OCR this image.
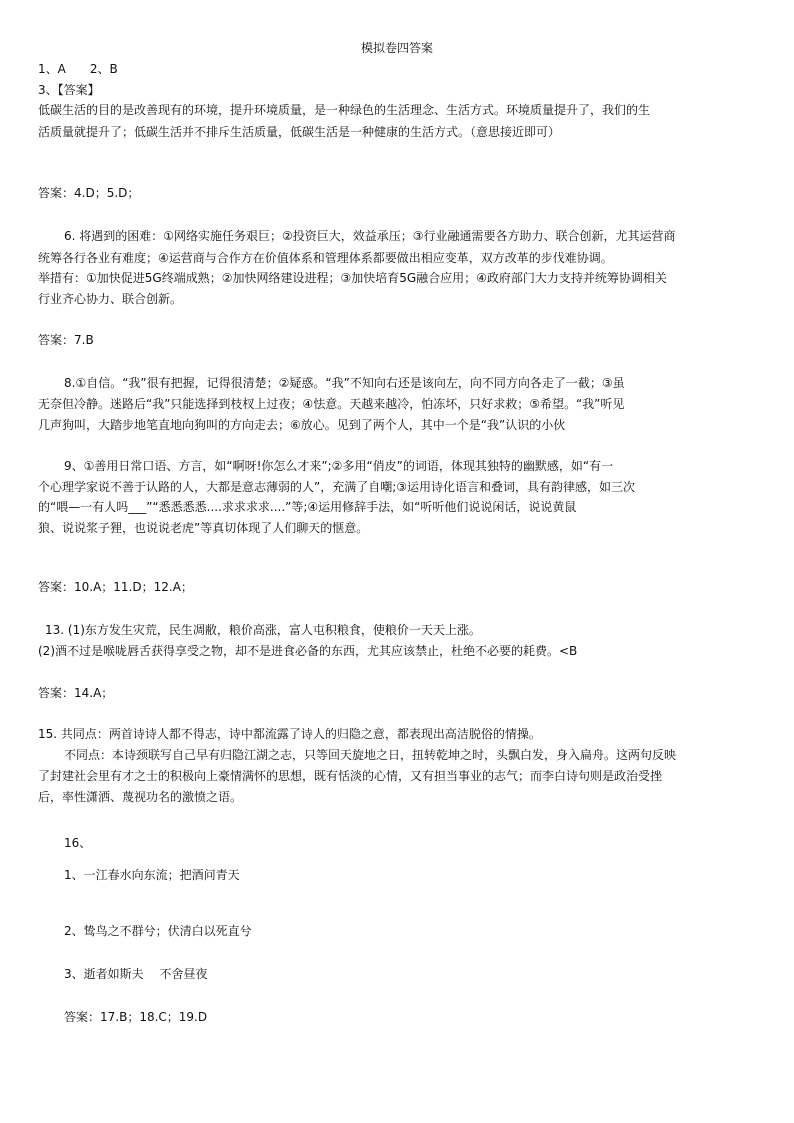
模拟卷四答案
1、A　　2、B
3、【答案】
低碳生活的目的是改善现有的环境，提升环境质量，是一种绿色的生活理念、生活方式。环境质量提升了，我们的生
活质量就提升了；低碳生活并不排斥生活质量，低碳生活是一种健康的生活方式。（意思接近即可）
答案：4.D；5.D；
6. 将遇到的困难：①网络实施任务艰巨；②投资巨大，效益承压；③行业融通需要各方助力、联合创新，尤其运营商
统筹各行各业有难度；④运营商与合作方在价值体系和管理体系都要做出相应变革，双方改革的步伐难协调。
举措有：①加快促进5G终端成熟；②加快网络建设进程；③加快培育5G融合应用；④政府部门大力支持并统筹协调相关
行业齐心协力、联合创新。
答案：7.B
8.①自信。“我”很有把握，记得很清楚；②疑惑。“我”不知向右还是该向左，向不同方向各走了一截；③虽
无奈但冷静。迷路后“我”只能选择到枝杈上过夜；④怯意。天越来越冷，怕冻坏，只好求救；⑤希望。“我”听见
几声狗叫，大踏步地笔直地向狗叫的方向走去；⑥放心。见到了两个人，其中一个是“我”认识的小伙
9、①善用日常口语、方言，如“啊呀!你怎么才来”;②多用“俏皮”的词语，体现其独特的幽默感，如“有一
个心理学家说不善于认路的人，大都是意志薄弱的人”，充满了自嘲;③运用诗化语言和叠词，具有韵律感，如三次
的“喂—一有人吗___”“悉悉悉悉....求求求求....”等;④运用修辞手法，如“听听他们说说闲话，说说黄鼠
狼、说说浆子狸，也说说老虎”等真切体现了人们聊天的惬意。
答案：10.A；11.D；12.A；
13. (1)东方发生灾荒，民生凋敝，粮价高涨，富人屯积粮食，使粮价一天天上涨。
(2)酒不过是喉咙唇舌获得享受之物，却不是进食必备的东西，尤其应该禁止，杜绝不必要的耗费。<B
答案：14.A；
15. 共同点：两首诗诗人都不得志，诗中都流露了诗人的归隐之意，都表现出高洁脱俗的情操。
不同点：本诗颈联写自己早有归隐江湖之志，只等回天旋地之日，扭转乾坤之时，头飘白发，身入扁舟。这两句反映
了封建社会里有才之士的积极向上豪情满怀的思想，既有恬淡的心情，又有担当事业的志气；而李白诗句则是政治受挫
后，率性潇洒、蔑视功名的激愤之语。
16、
1、一江春水向东流；把酒问青天
2、鸷鸟之不群兮；伏清白以死直兮
3、逝者如斯夫　 不舍昼夜
答案：17.B；18.C；19.D
